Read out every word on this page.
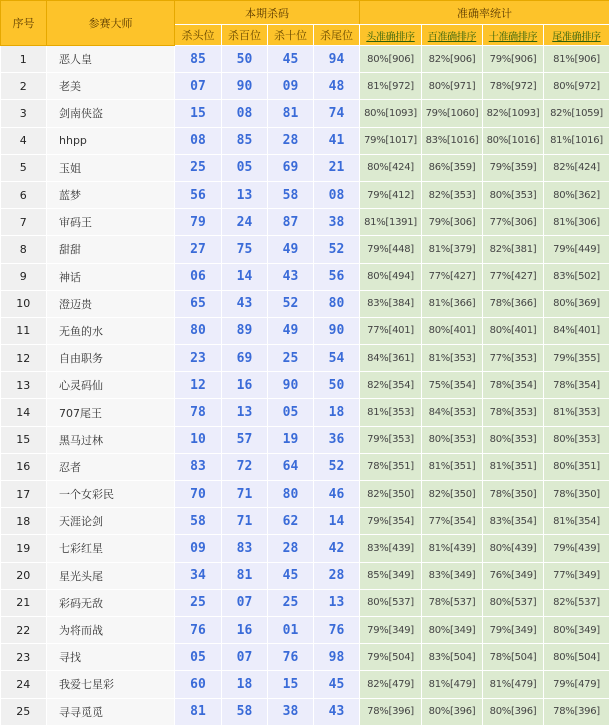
序号	参赛大师	本期杀码				准确率统计			
		杀头位	杀百位	杀十位	杀尾位	头准确排序	百准确排序	十准确排序	尾准确排序
1	恶人皇	85	50	45	94	80%[906]	82%[906]	79%[906]	81%[906]
2	老美	07	90	09	48	81%[972]	80%[971]	78%[972]	80%[972]
3	剑南侠盗	15	08	81	74	80%[1093]	79%[1060]	82%[1093]	82%[1059]
4	hhpp	08	85	28	41	79%[1017]	83%[1016]	80%[1016]	81%[1016]
5	玉姐	25	05	69	21	80%[424]	86%[359]	79%[359]	82%[424]
6	蓝梦	56	13	58	08	79%[412]	82%[353]	80%[353]	80%[362]
7	审码王	79	24	87	38	81%[1391]	79%[306]	77%[306]	81%[306]
8	甜甜	27	75	49	52	79%[448]	81%[379]	82%[381]	79%[449]
9	神话	06	14	43	56	80%[494]	77%[427]	77%[427]	83%[502]
10	澄迈贵	65	43	52	80	83%[384]	81%[366]	78%[366]	80%[369]
11	无鱼的水	80	89	49	90	77%[401]	80%[401]	80%[401]	84%[401]
12	自由职务	23	69	25	54	84%[361]	81%[353]	77%[353]	79%[355]
13	心灵码仙	12	16	90	50	82%[354]	75%[354]	78%[354]	78%[354]
14	707尾王	78	13	05	18	81%[353]	84%[353]	78%[353]	81%[353]
15	黑马过林	10	57	19	36	79%[353]	80%[353]	80%[353]	80%[353]
16	忍者	83	72	64	52	78%[351]	81%[351]	81%[351]	80%[351]
17	一个女彩民	70	71	80	46	82%[350]	82%[350]	78%[350]	78%[350]
18	天涯论剑	58	71	62	14	79%[354]	77%[354]	83%[354]	81%[354]
19	七彩红星	09	83	28	42	83%[439]	81%[439]	80%[439]	79%[439]
20	星光头尾	34	81	45	28	85%[349]	83%[349]	76%[349]	77%[349]
21	彩码无敌	25	07	25	13	80%[537]	78%[537]	80%[537]	82%[537]
22	为将而战	76	16	01	76	79%[349]	80%[349]	79%[349]	80%[349]
23	寻找	05	07	76	98	79%[504]	83%[504]	78%[504]	80%[504]
24	我爱七星彩	60	18	15	45	82%[479]	81%[479]	81%[479]	79%[479]
25	寻寻觅觅	81	58	38	43	78%[396]	80%[396]	80%[396]	78%[396]
